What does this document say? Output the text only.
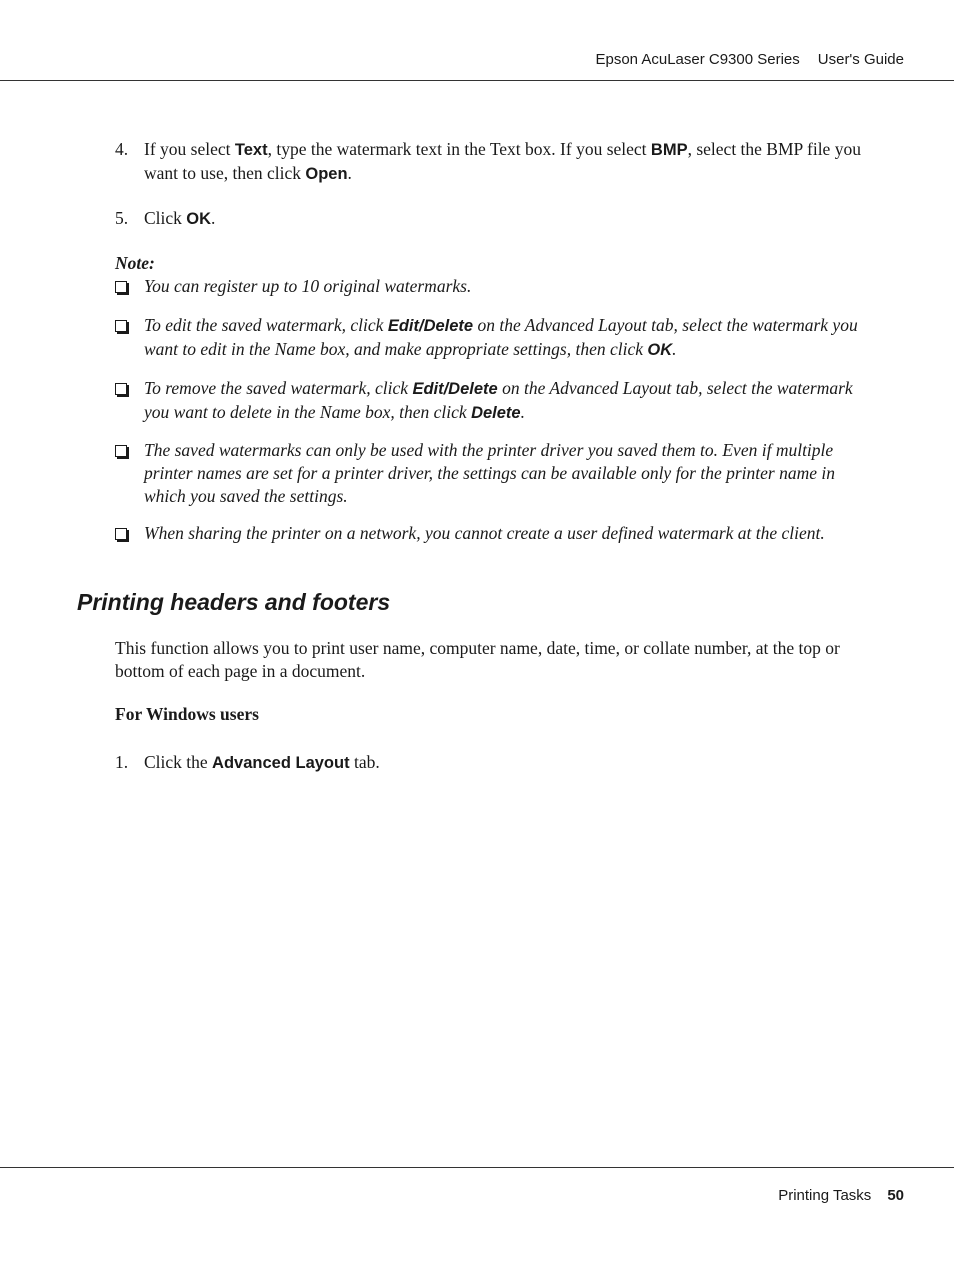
Epson AcuLaser C9300 Series User's Guide
4. If you select Text, type the watermark text in the Text box. If you select BMP, select the BMP file you want to use, then click Open.
5. Click OK.
Note:
You can register up to 10 original watermarks.
To edit the saved watermark, click Edit/Delete on the Advanced Layout tab, select the watermark you want to edit in the Name box, and make appropriate settings, then click OK.
To remove the saved watermark, click Edit/Delete on the Advanced Layout tab, select the watermark you want to delete in the Name box, then click Delete.
The saved watermarks can only be used with the printer driver you saved them to. Even if multiple printer names are set for a printer driver, the settings can be available only for the printer name in which you saved the settings.
When sharing the printer on a network, you cannot create a user defined watermark at the client.
Printing headers and footers
This function allows you to print user name, computer name, date, time, or collate number, at the top or bottom of each page in a document.
For Windows users
1. Click the Advanced Layout tab.
Printing Tasks 50
